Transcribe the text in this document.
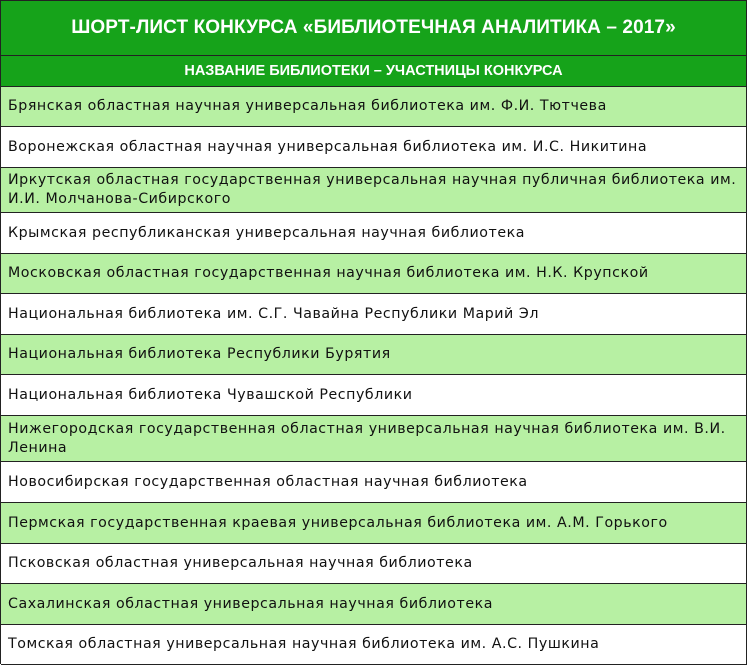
ШОРТ-ЛИСТ КОНКУРСА «БИБЛИОТЕЧНАЯ АНАЛИТИКА – 2017»
НАЗВАНИЕ БИБЛИОТЕКИ – УЧАСТНИЦЫ КОНКУРСА
Брянская областная научная универсальная библиотека им. Ф.И. Тютчева
Воронежская областная научная универсальная библиотека им. И.С. Никитина
Иркутская областная государственная универсальная научная публичная библиотека им. И.И. Молчанова-Сибирского
Крымская республиканская универсальная научная библиотека
Московская областная государственная научная библиотека им. Н.К. Крупской
Национальная библиотека им. С.Г. Чавайна Республики Марий Эл
Национальная библиотека Республики Бурятия
Национальная библиотека Чувашской Республики
Нижегородская государственная областная универсальная научная библиотека им. В.И. Ленина
Новосибирская государственная областная научная библиотека
Пермская государственная краевая универсальная библиотека им. А.М. Горького
Псковская областная универсальная научная библиотека
Сахалинская областная универсальная научная библиотека
Томская областная универсальная научная библиотека им. А.С. Пушкина
